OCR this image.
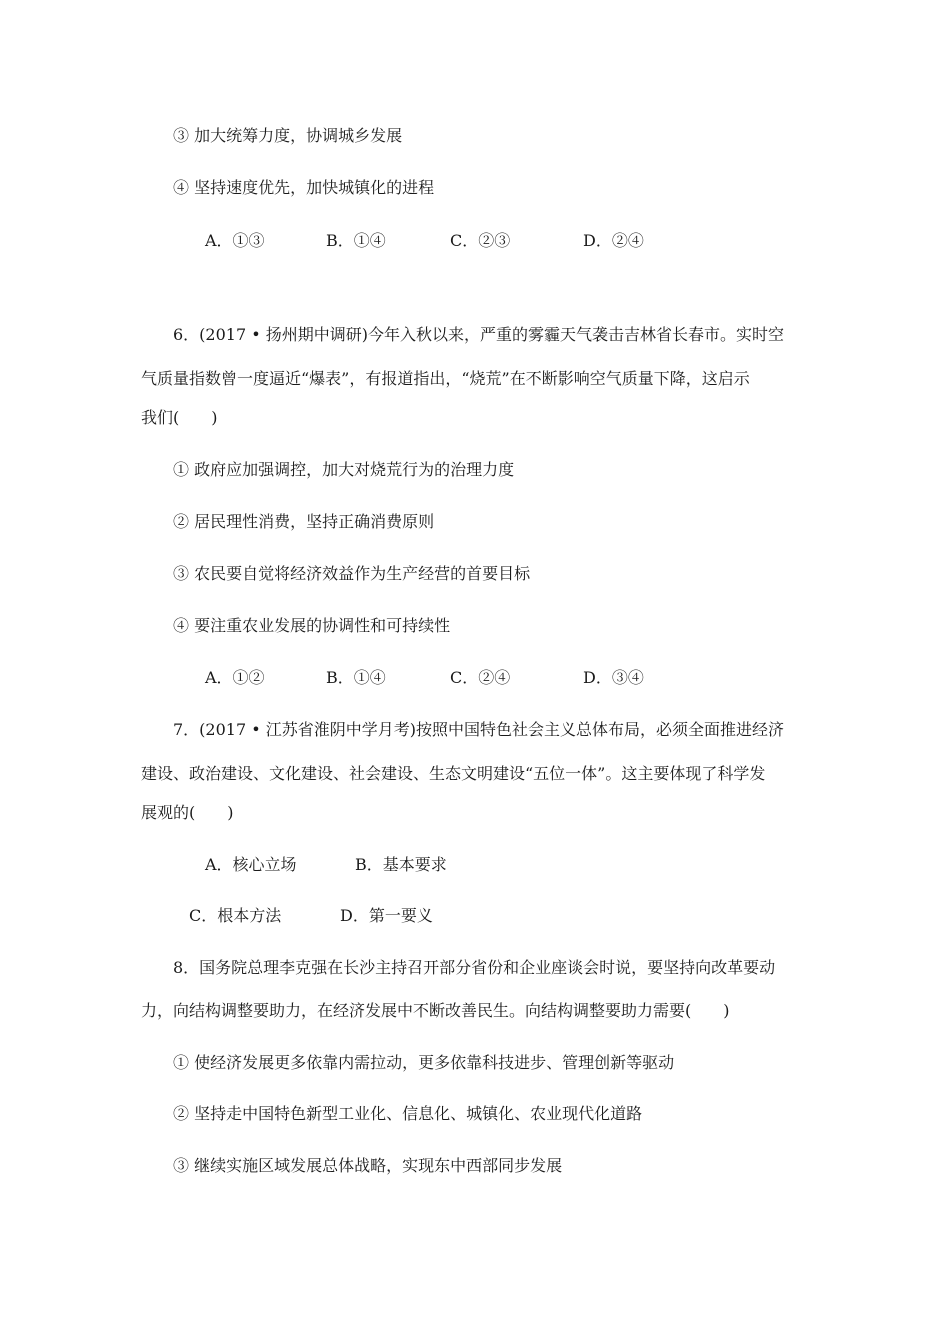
③ 加大统筹力度，协调城乡发展
④ 坚持速度优先，加快城镇化的进程
A．①③	B．①④	C．②③	D．②④
6．(2017 • 扬州期中调研)今年入秋以来，严重的雾霾天气袭击吉林省长春市。实时空
气质量指数曾一度逼近“爆表”，有报道指出，“烧荒”在不断影响空气质量下降，这启示
我们(　　)
① 政府应加强调控，加大对烧荒行为的治理力度
② 居民理性消费，坚持正确消费原则
③ 农民要自觉将经济效益作为生产经营的首要目标
④ 要注重农业发展的协调性和可持续性
A．①②	B．①④	C．②④	D．③④
7．(2017 • 江苏省淮阴中学月考)按照中国特色社会主义总体布局，必须全面推进经济
建设、政治建设、文化建设、社会建设、生态文明建设“五位一体”。这主要体现了科学发
展观的(　　)
A．核心立场	B．基本要求
C．根本方法	D．第一要义
8．国务院总理李克强在长沙主持召开部分省份和企业座谈会时说，要坚持向改革要动
力，向结构调整要助力，在经济发展中不断改善民生。向结构调整要助力需要(　　)
① 使经济发展更多依靠内需拉动，更多依靠科技进步、管理创新等驱动
② 坚持走中国特色新型工业化、信息化、城镇化、农业现代化道路
③ 继续实施区域发展总体战略，实现东中西部同步发展
